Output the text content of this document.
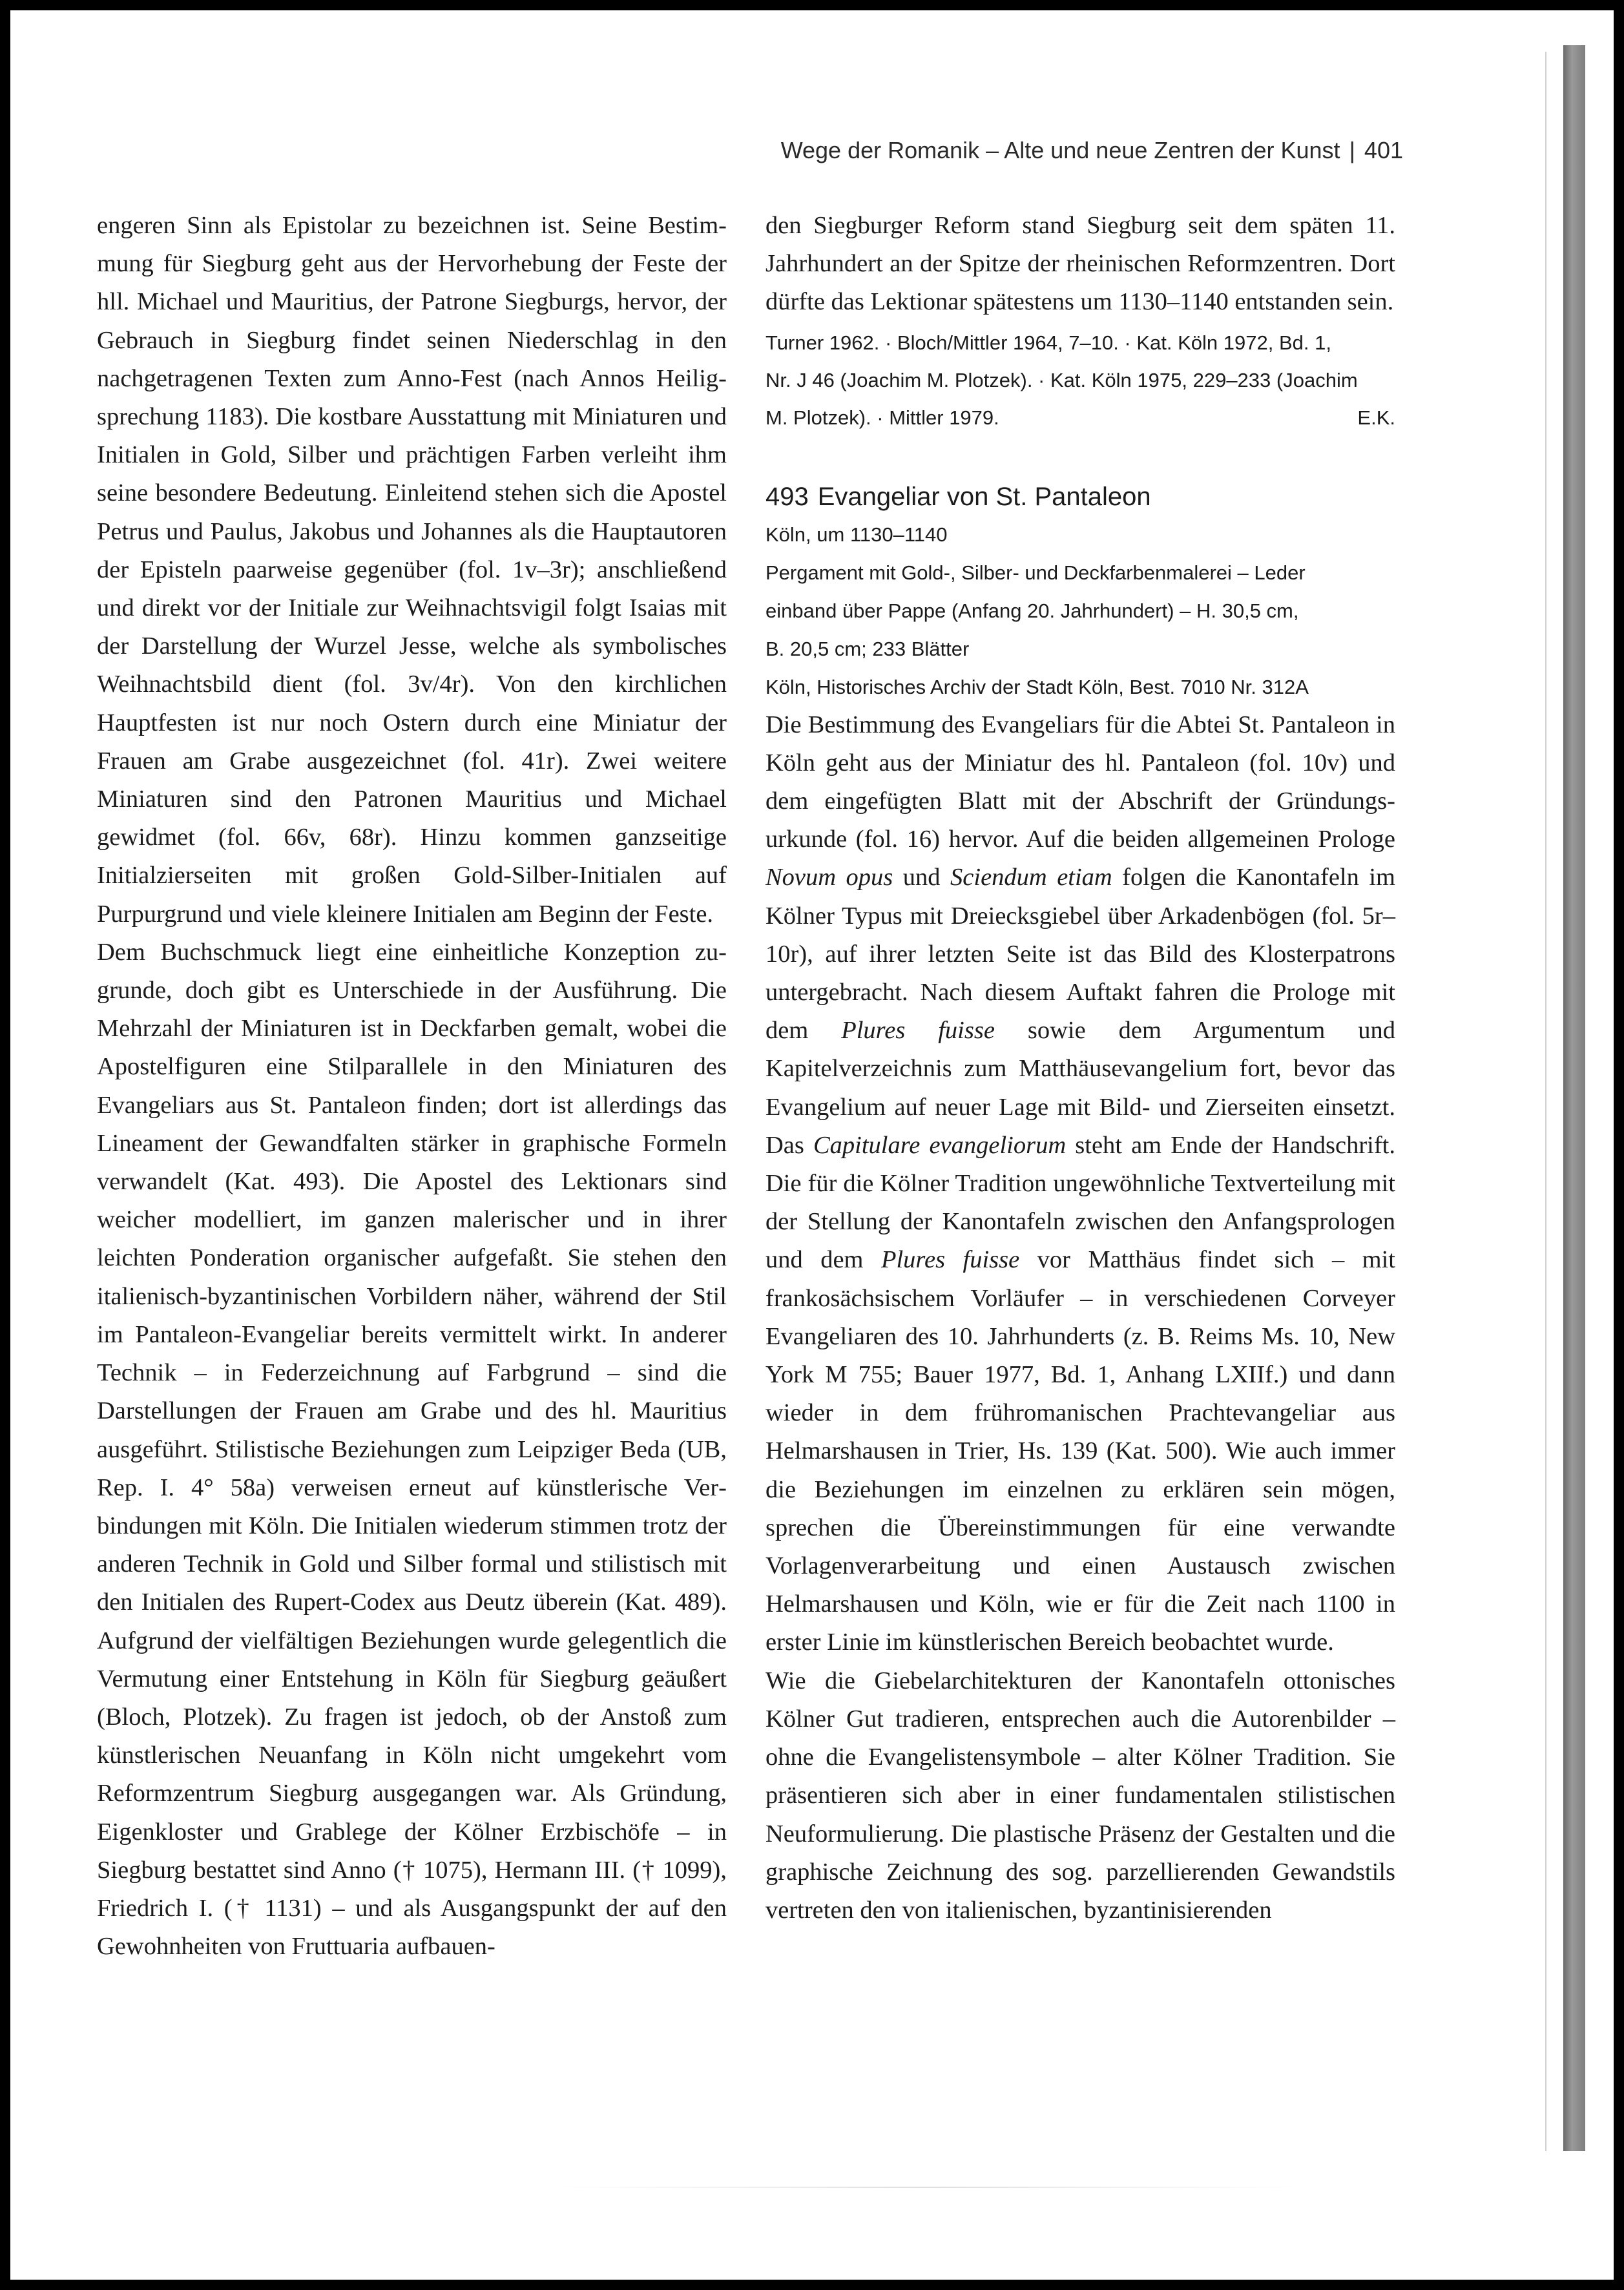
Wege der Romanik – Alte und neue Zentren der Kunst | 401

engeren Sinn als Epistolar zu bezeichnen ist. Seine Bestimmung für Siegburg geht aus der Hervorhebung der Feste der hll. Michael und Mauritius, der Patrone Siegburgs, hervor, der Gebrauch in Siegburg findet seinen Niederschlag in den nachgetragenen Texten zum Anno-Fest (nach Annos Heiligsprechung 1183). Die kostbare Ausstattung mit Miniaturen und Initialen in Gold, Silber und prächtigen Farben verleiht ihm seine besondere Bedeutung. Einleitend stehen sich die Apostel Petrus und Paulus, Jakobus und Johannes als die Hauptautoren der Episteln paarweise gegenüber (fol. 1v–3r); anschließend und direkt vor der Initiale zur Weihnachtsvigil folgt Isaias mit der Darstellung der Wurzel Jesse, welche als symbolisches Weihnachtsbild dient (fol. 3v/4r). Von den kirchlichen Hauptfesten ist nur noch Ostern durch eine Miniatur der Frauen am Grabe ausgezeichnet (fol. 41r). Zwei weitere Miniaturen sind den Patronen Mauritius und Michael gewidmet (fol. 66v, 68r). Hinzu kommen ganzseitige Initialzierseiten mit großen Gold-Silber-Initialen auf Purpurgrund und viele kleinere Initialen am Beginn der Feste.

Dem Buchschmuck liegt eine einheitliche Konzeption zugrunde, doch gibt es Unterschiede in der Ausführung. Die Mehrzahl der Miniaturen ist in Deckfarben gemalt, wobei die Apostelfiguren eine Stilparallele in den Miniaturen des Evangeliars aus St. Pantaleon finden; dort ist allerdings das Lineament der Gewandfalten stärker in graphische Formeln verwandelt (Kat. 493). Die Apostel des Lektionars sind weicher modelliert, im ganzen malerischer und in ihrer leichten Ponderation organischer aufgefaßt. Sie stehen den italienisch-byzantinischen Vorbildern näher, während der Stil im Pantaleon-Evangeliar bereits vermittelt wirkt. In anderer Technik – in Federzeichnung auf Farbgrund – sind die Darstellungen der Frauen am Grabe und des hl. Mauritius ausgeführt. Stilistische Beziehungen zum Leipziger Beda (UB, Rep. I. 4° 58a) verweisen erneut auf künstlerische Verbindungen mit Köln. Die Initialen wiederum stimmen trotz der anderen Technik in Gold und Silber formal und stilistisch mit den Initialen des Rupert-Codex aus Deutz überein (Kat. 489). Aufgrund der vielfältigen Beziehungen wurde gelegentlich die Vermutung einer Entstehung in Köln für Siegburg geäußert (Bloch, Plotzek). Zu fragen ist jedoch, ob der Anstoß zum künstlerischen Neuanfang in Köln nicht umgekehrt vom Reformzentrum Siegburg ausgegangen war. Als Gründung, Eigenkloster und Grablege der Kölner Erzbischöfe – in Siegburg bestattet sind Anno († 1075), Hermann III. († 1099), Friedrich I. († 1131) – und als Ausgangspunkt der auf den Gewohnheiten von Fruttuaria aufbauen-

den Siegburger Reform stand Siegburg seit dem späten 11. Jahrhundert an der Spitze der rheinischen Reformzentren. Dort dürfte das Lektionar spätestens um 1130–1140 entstanden sein.

Turner 1962. · Bloch/Mittler 1964, 7–10. · Kat. Köln 1972, Bd. 1,
Nr. J 46 (Joachim M. Plotzek). · Kat. Köln 1975, 229–233 (Joachim
M. Plotzek). · Mittler 1979.	E.K.
493 Evangeliar von St. Pantaleon
Köln, um 1130–1140
Pergament mit Gold-, Silber- und Deckfarbenmalerei – Leder
einband über Pappe (Anfang 20. Jahrhundert) – H. 30,5 cm,
B. 20,5 cm; 233 Blätter
Köln, Historisches Archiv der Stadt Köln, Best. 7010 Nr. 312A

Die Bestimmung des Evangeliars für die Abtei St. Pantaleon in Köln geht aus der Miniatur des hl. Pantaleon (fol. 10v) und dem eingefügten Blatt mit der Abschrift der Gründungsurkunde (fol. 16) hervor. Auf die beiden allgemeinen Prologe Novum opus und Sciendum etiam folgen die Kanontafeln im Kölner Typus mit Dreiecksgiebel über Arkadenbögen (fol. 5r–10r), auf ihrer letzten Seite ist das Bild des Klosterpatrons untergebracht. Nach diesem Auftakt fahren die Prologe mit dem Plures fuisse sowie dem Argumentum und Kapitelverzeichnis zum Matthäusevangelium fort, bevor das Evangelium auf neuer Lage mit Bild- und Zierseiten einsetzt. Das Capitulare evangeliorum steht am Ende der Handschrift. Die für die Kölner Tradition ungewöhnliche Textverteilung mit der Stellung der Kanontafeln zwischen den Anfangsprologen und dem Plures fuisse vor Matthäus findet sich – mit frankosächsischem Vorläufer – in verschiedenen Corveyer Evangeliaren des 10. Jahrhunderts (z. B. Reims Ms. 10, New York M 755; Bauer 1977, Bd. 1, Anhang LXIIf.) und dann wieder in dem frühromanischen Prachtevangeliar aus Helmarshausen in Trier, Hs. 139 (Kat. 500). Wie auch immer die Beziehungen im einzelnen zu erklären sein mögen, sprechen die Übereinstimmungen für eine verwandte Vorlagenverarbeitung und einen Austausch zwischen Helmarshausen und Köln, wie er für die Zeit nach 1100 in erster Linie im künstlerischen Bereich beobachtet wurde.

Wie die Giebelarchitekturen der Kanontafeln ottonisches Kölner Gut tradieren, entsprechen auch die Autorenbilder – ohne die Evangelistensymbole – alter Kölner Tradition. Sie präsentieren sich aber in einer fundamentalen stilistischen Neuformulierung. Die plastische Präsenz der Gestalten und die graphische Zeichnung des sog. parzellierenden Gewandstils vertreten den von italienischen, byzantinisierenden
